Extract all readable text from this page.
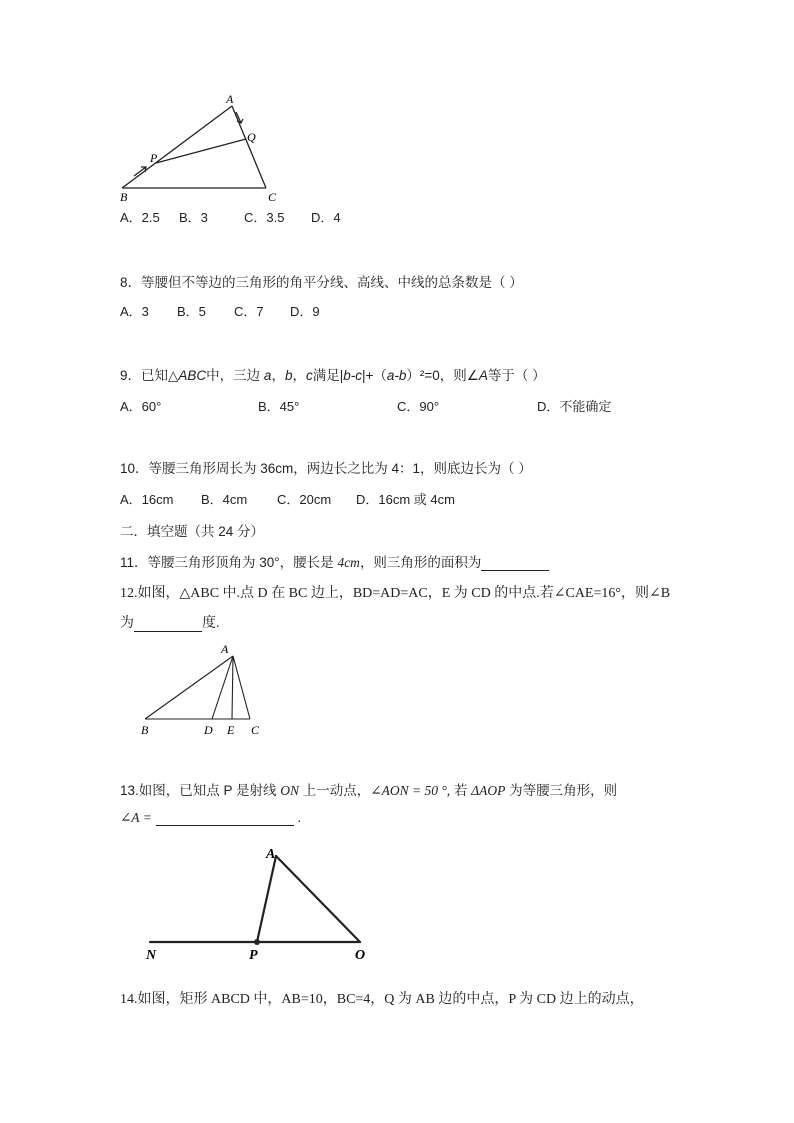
A
Q
P
B	C
A．2.5 B．3	C．3.5 D．4
8．等腰但不等边的三角形的角平分线、高线、中线的总条数是（ ）
A．3 B．5 C．7 D．9
9．已知△ABC中，三边 a，b，c满足|b-c|+（a-b）²=0，则∠A等于（ ）
A．60°	B．45°	C．90°	D．不能确定
10．等腰三角形周长为 36cm，两边长之比为 4：1，则底边长为（ ）
A．16cm B．4cm C．20cm D．16cm 或 4cm
二．填空题（共 24 分）
11．等腰三角形顶角为 30°，腰长是 4cm，则三角形的面积为
12.如图，△ABC 中.点 D 在 BC 边上，BD=AD=AC，E 为 CD 的中点.若∠CAE=16°，则∠B
为	度.
A
B	D E C
13.如图，已知点 P 是射线 ON 上一动点，∠AON = 50 °, 若 ΔAOP 为等腰三角形，则
∠A =	.
A
N	P	O
14.如图，矩形 ABCD 中，AB=10，BC=4，Q 为 AB 边的中点，P 为 CD 边上的动点，
